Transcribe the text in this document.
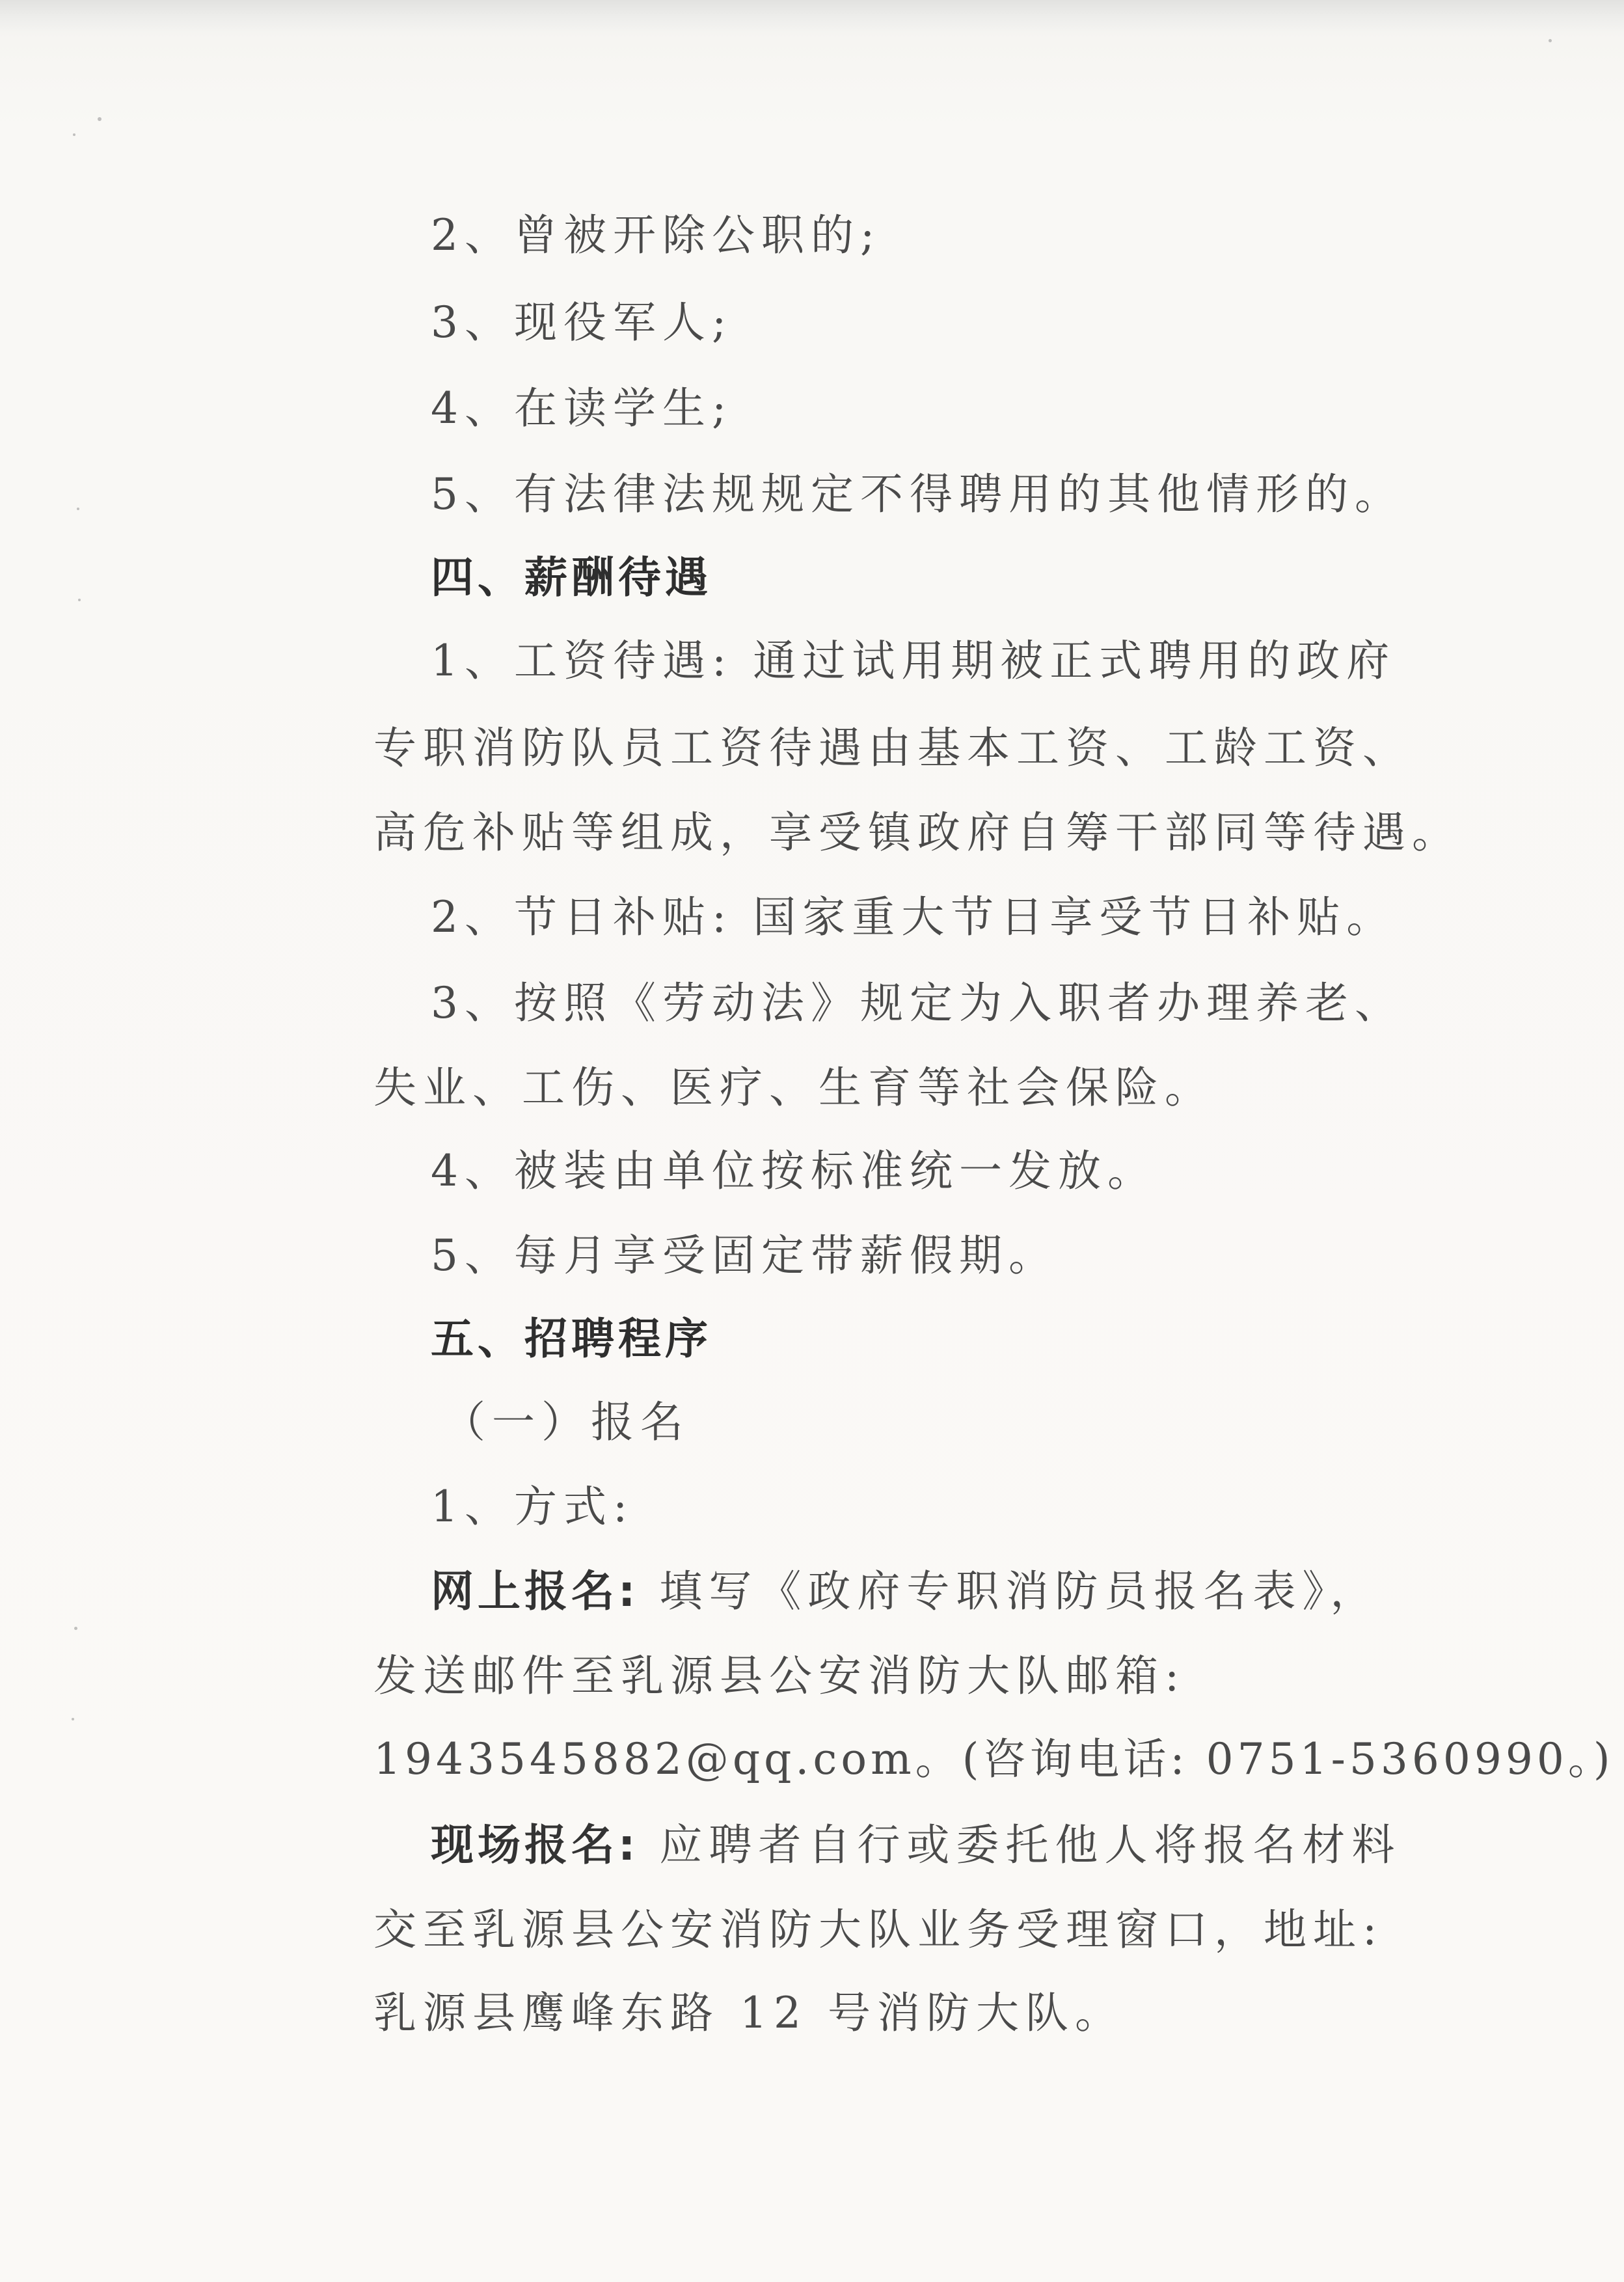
2、曾被开除公职的;
3、现役军人;
4、在读学生;
5、有法律法规规定不得聘用的其他情形的。
四、薪酬待遇
1、工资待遇: 通过试用期被正式聘用的政府
专职消防队员工资待遇由基本工资、工龄工资、
高危补贴等组成，享受镇政府自筹干部同等待遇。
2、节日补贴: 国家重大节日享受节日补贴。
3、按照《劳动法》规定为入职者办理养老、
失业、工伤、医疗、生育等社会保险。
4、被装由单位按标准统一发放。
5、每月享受固定带薪假期。
五、招聘程序
（一）报名
1、方式:
网上报名: 填写《政府专职消防员报名表》，
发送邮件至乳源县公安消防大队邮箱:
1943545882@qq.com。(咨询电话: 0751-5360990。)
现场报名: 应聘者自行或委托他人将报名材料
交至乳源县公安消防大队业务受理窗口，地址:
乳源县鹰峰东路 12 号消防大队。
